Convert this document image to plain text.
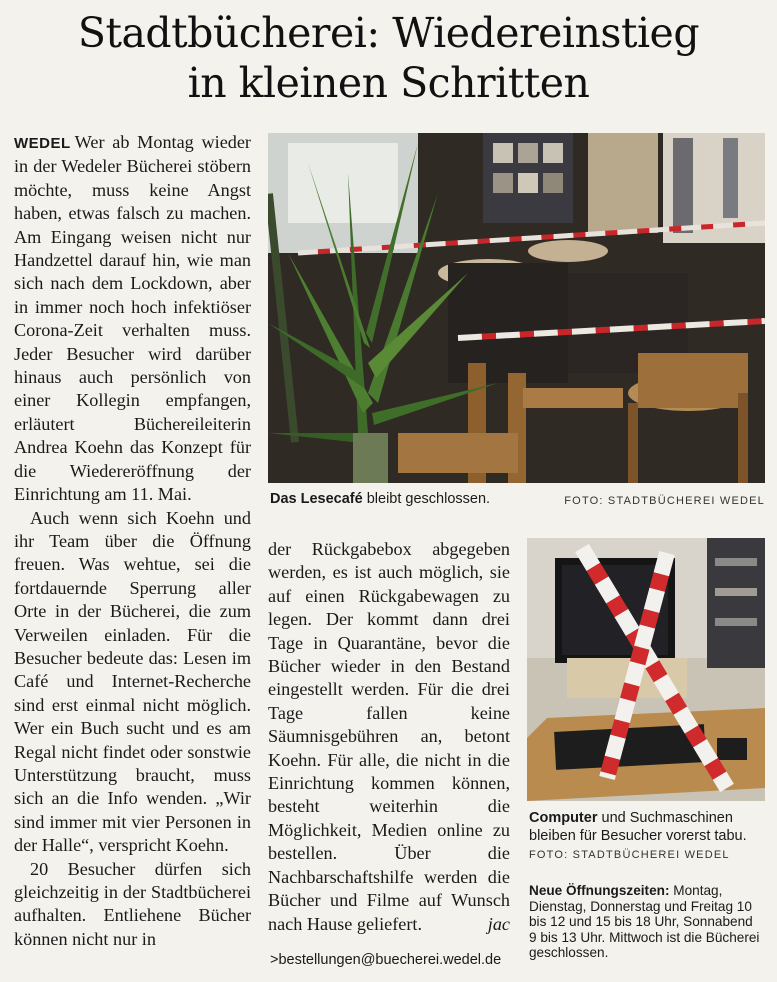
Stadtbücherei: Wiedereinstieg
in kleinen Schritten

WEDEL Wer ab Montag wieder in der Wedeler Bücherei stöbern möchte, muss keine Angst haben, etwas falsch zu machen. Am Eingang weisen nicht nur Handzettel darauf hin, wie man sich nach dem Lockdown, aber in immer noch hoch infektiöser Corona-Zeit verhalten muss. Jeder Besucher wird darüber hinaus auch persönlich von einer Kollegin empfangen, erläutert Büchereileiterin Andrea Koehn das Konzept für die Wiedereröffnung der Einrichtung am 11. Mai.

Auch wenn sich Koehn und ihr Team über die Öffnung freuen. Was wehtue, sei die fortdauernde Sperrung aller Orte in der Bücherei, die zum Verweilen einladen. Für die Besucher bedeute das: Lesen im Café und Internet-Recherche sind erst einmal nicht möglich. Wer ein Buch sucht und es am Regal nicht findet oder sonstwie Unterstützung braucht, muss sich an die Info wenden. „Wir sind immer mit vier Personen in der Halle“, verspricht Koehn.

20 Besucher dürfen sich gleichzeitig in der Stadtbücherei aufhalten. Entliehene Bücher können nicht nur in

Das Lesecafé bleibt geschlossen.	FOTO: STADTBÜCHEREI WEDEL

der Rückgabebox abgegeben werden, es ist auch möglich, sie auf einen Rückgabewagen zu legen. Der kommt dann drei Tage in Quarantäne, bevor die Bücher wieder in den Bestand eingestellt werden. Für die drei Tage fallen keine Säumnisgebühren an, betont Koehn. Für alle, die nicht in die Einrichtung kommen können, besteht weiterhin die Möglichkeit, Medien online zu bestellen. Über die Nachbarschaftshilfe werden die Bücher und Filme auf Wunsch nach Hause geliefert.	jac

Computer und Suchmaschinen bleiben für Besucher vorerst tabu. FOTO: STADTBÜCHEREI WEDEL
Neue Öffnungszeiten: Montag, Dienstag, Donnerstag und Freitag 10 bis 12 und 15 bis 18 Uhr, Sonnabend 9 bis 13 Uhr. Mittwoch ist die Bücherei geschlossen.
>bestellungen@buecherei.wedel.de
